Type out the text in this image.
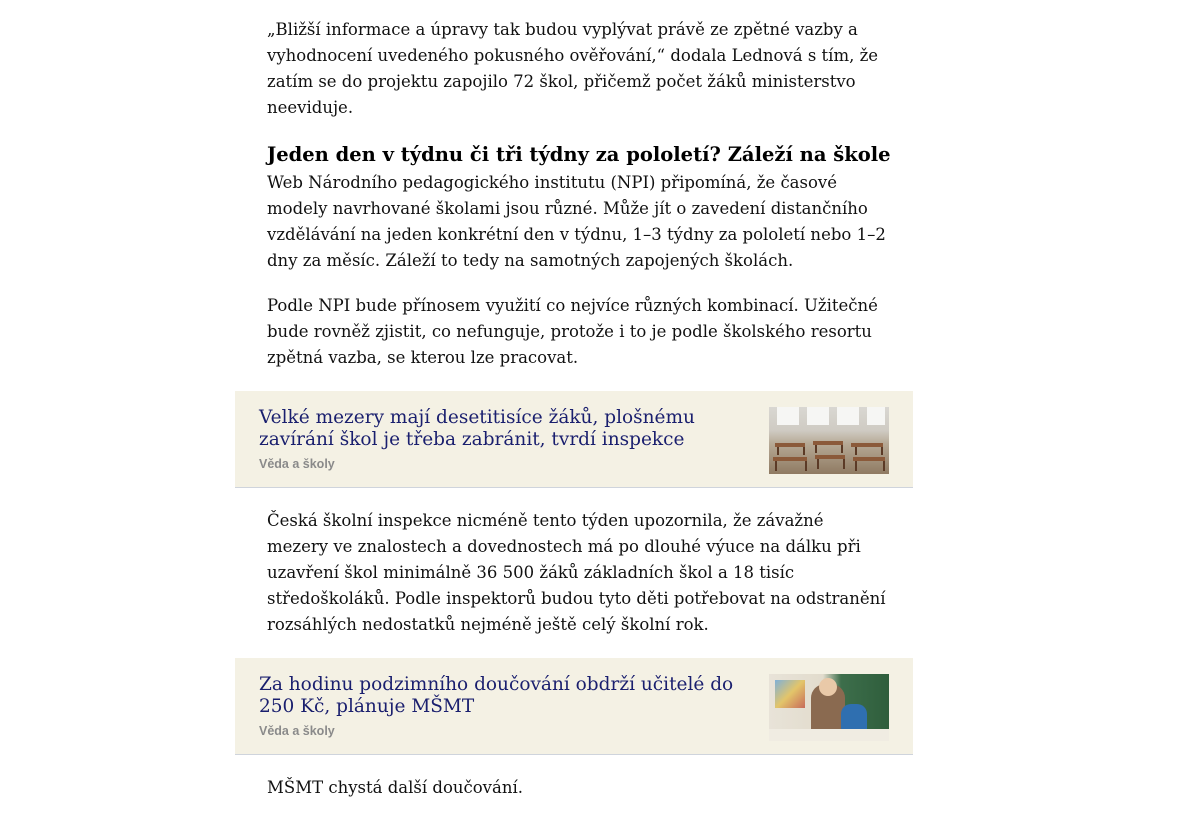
„Bližší informace a úpravy tak budou vyplývat právě ze zpětné vazby a vyhodnocení uvedeného pokusného ověřování,“ dodala Lednová s tím, že zatím se do projektu zapojilo 72 škol, přičemž počet žáků ministerstvo neeviduje.

Jeden den v týdnu či tři týdny za pololetí? Záleží na škole

Web Národního pedagogického institutu (NPI) připomíná, že časové modely navrhované školami jsou různé. Může jít o zavedení distančního vzdělávání na jeden konkrétní den v týdnu, 1–3 týdny za pololetí nebo 1–2 dny za měsíc. Záleží to tedy na samotných zapojených školách.

Podle NPI bude přínosem využití co nejvíce různých kombinací. Užitečné bude rovněž zjistit, co nefunguje, protože i to je podle školského resortu zpětná vazba, se kterou lze pracovat.

Velké mezery mají desetitisíce žáků, plošnému zavírání škol je třeba zabránit, tvrdí inspekce
Věda a školy

Česká školní inspekce nicméně tento týden upozornila, že závažné mezery ve znalostech a dovednostech má po dlouhé výuce na dálku při uzavření škol minimálně 36 500 žáků základních škol a 18 tisíc středoškoláků. Podle inspektorů budou tyto děti potřebovat na odstranění rozsáhlých nedostatků nejméně ještě celý školní rok.

Za hodinu podzimního doučování obdrží učitelé do 250 Kč, plánuje MŠMT
Věda a školy

MŠMT chystá další doučování.
